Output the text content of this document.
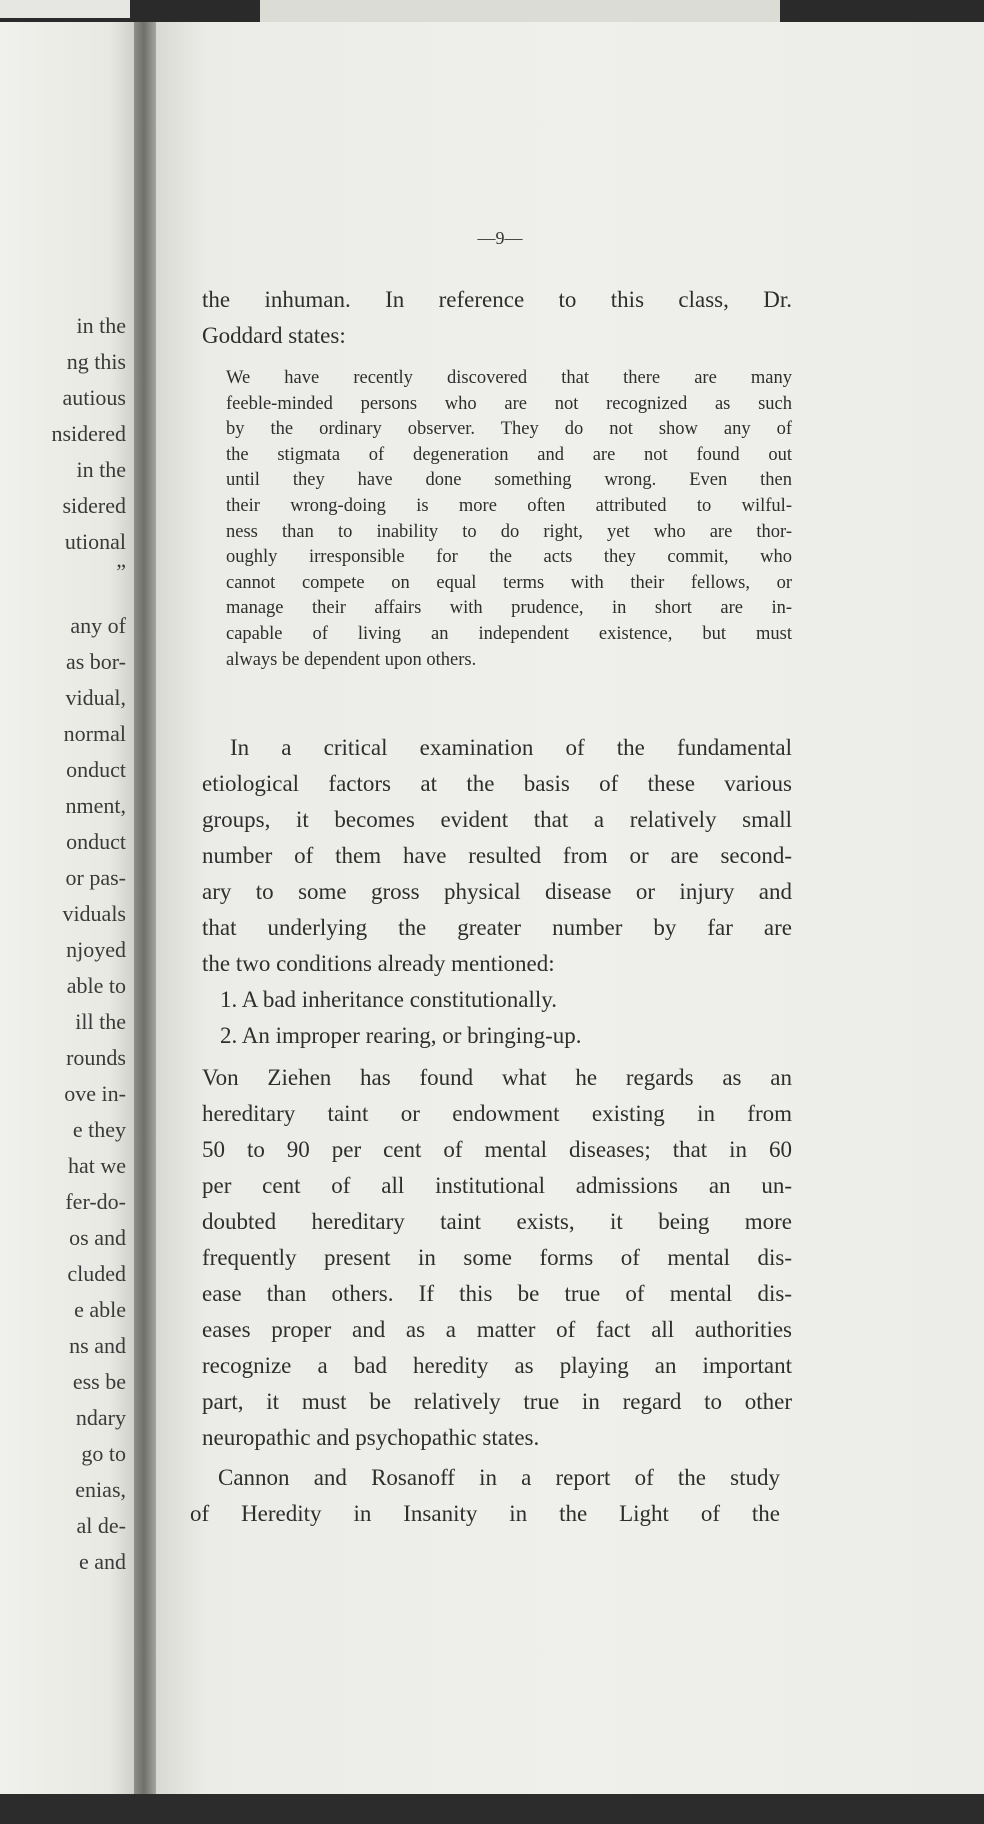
in the
ng this
autious
nsidered
in the
sidered
utional
”
any of
as bor-
vidual,
normal
onduct
nment,
onduct
or pas-
viduals
njoyed
able to
ill the
rounds
ove in-
e they
hat we
fer-do-
os and
cluded
e able
ns and
ess be
ndary
go to
enias,
al de-
e and
—9—
the inhuman. In reference to this class, Dr.
Goddard states:
We have recently discovered that there are many
feeble-minded persons who are not recognized as such
by the ordinary observer. They do not show any of
the stigmata of degeneration and are not found out
until they have done something wrong. Even then
their wrong-doing is more often attributed to wilful-
ness than to inability to do right, yet who are thor-
oughly irresponsible for the acts they commit, who
cannot compete on equal terms with their fellows, or
manage their affairs with prudence, in short are in-
capable of living an independent existence, but must
always be dependent upon others.
In a critical examination of the fundamental
etiological factors at the basis of these various
groups, it becomes evident that a relatively small
number of them have resulted from or are second-
ary to some gross physical disease or injury and
that underlying the greater number by far are
the two conditions already mentioned:
1. A bad inheritance constitutionally.
2. An improper rearing, or bringing-up.
Von Ziehen has found what he regards as an
hereditary taint or endowment existing in from
50 to 90 per cent of mental diseases; that in 60
per cent of all institutional admissions an un-
doubted hereditary taint exists, it being more
frequently present in some forms of mental dis-
ease than others. If this be true of mental dis-
eases proper and as a matter of fact all authorities
recognize a bad heredity as playing an important
part, it must be relatively true in regard to other
neuropathic and psychopathic states.
Cannon and Rosanoff in a report of the study
of Heredity in Insanity in the Light of the
